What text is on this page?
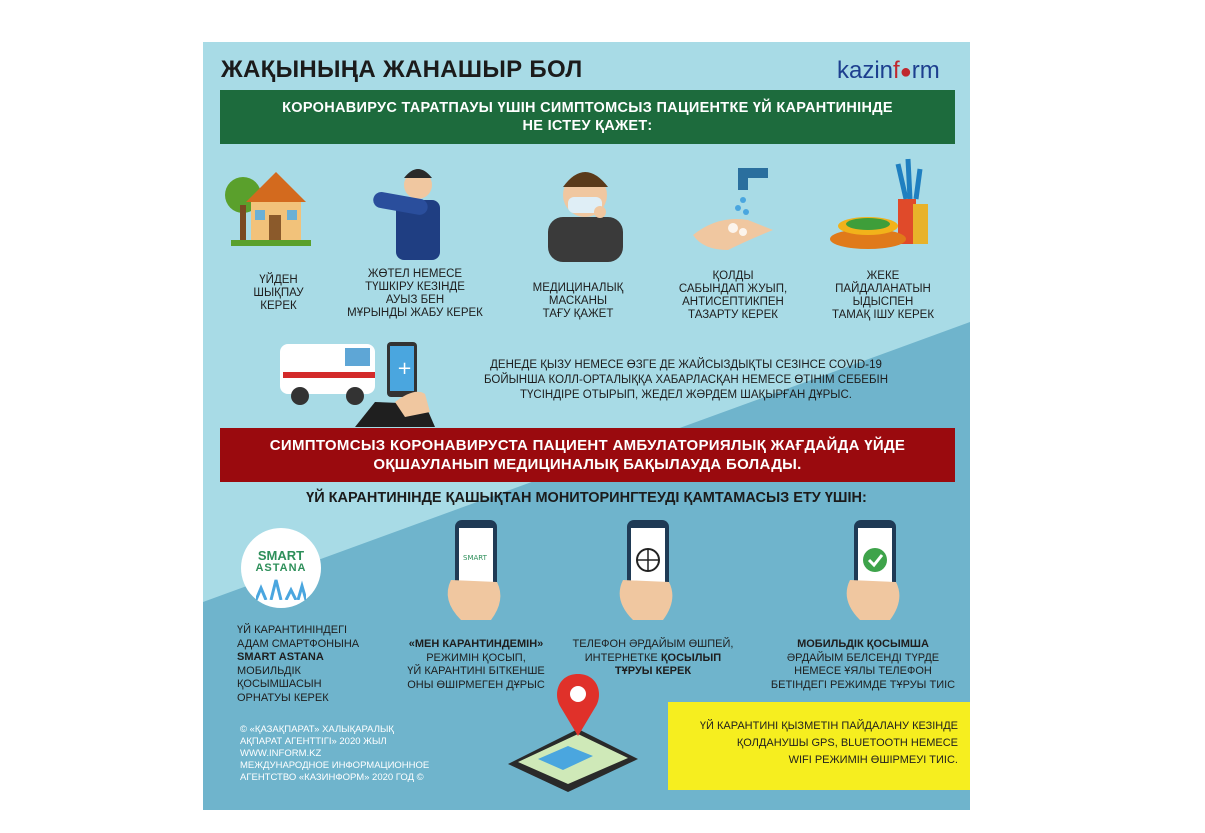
ЖАҚЫНЫҢА ЖАНАШЫР БОЛ	kazinf●rm
КОРОНАВИРУС ТАРАТПАУЫ ҮШІН СИМПТОМСЫЗ ПАЦИЕНТКЕ ҮЙ КАРАНТИНІНДЕ
НЕ ІСТЕУ ҚАЖЕТ:
ҮЙДЕН
ШЫҚПАУ
КЕРЕК
ЖӨТЕЛ НЕМЕСЕ
ТҮШКІРУ КЕЗІНДЕ
АУЫЗ БЕН
МҰРЫНДЫ ЖАБУ КЕРЕК
МЕДИЦИНАЛЫҚ
МАСКАНЫ
ТАҒУ ҚАЖЕТ
ҚОЛДЫ
САБЫНДАП ЖУЫП,
АНТИСЕПТИКПЕН
ТАЗАРТУ КЕРЕК
ЖЕКЕ
ПАЙДАЛАНАТЫН
ЫДЫСПЕН
ТАМАҚ ІШУ КЕРЕК
+	ДЕНЕДЕ ҚЫЗУ НЕМЕСЕ ӨЗГЕ ДЕ ЖАЙСЫЗДЫҚТЫ СЕЗІНСЕ COVID-19
БОЙЫНША КОЛЛ-ОРТАЛЫҚҚА ХАБАРЛАСҚАН НЕМЕСЕ ӨТІНІМ СЕБЕБІН
ТҮСІНДІРЕ ОТЫРЫП, ЖЕДЕЛ ЖӘРДЕМ ШАҚЫРҒАН ДҰРЫС.
СИМПТОМСЫЗ КОРОНАВИРУСТА ПАЦИЕНТ АМБУЛАТОРИЯЛЫҚ ЖАҒДАЙДА ҮЙДЕ
ОҚШАУЛАНЫП МЕДИЦИНАЛЫҚ БАҚЫЛАУДА БОЛАДЫ.
ҮЙ КАРАНТИНІНДЕ ҚАШЫҚТАН МОНИТОРИНГТЕУДІ ҚАМТАМАСЫЗ ЕТУ ҮШІН:
SMART
ASTANA
SMART
ҮЙ КАРАНТИНІНДЕГІ
АДАМ СМАРТФОНЫНА
SMART ASTANA
МОБИЛЬДІК
ҚОСЫМШАСЫН
ОРНАТУЫ КЕРЕК
«МЕН КАРАНТИНДЕМІН»
РЕЖИМІН ҚОСЫП,
ҮЙ КАРАНТИНІ БІТКЕНШЕ
ОНЫ ӨШІРМЕГЕН ДҰРЫС
ТЕЛЕФОН ӘРДАЙЫМ ӨШПЕЙ,
ИНТЕРНЕТКЕ ҚОСЫЛЫП
ТҰРУЫ КЕРЕК
МОБИЛЬДІК ҚОСЫМША
ӘРДАЙЫМ БЕЛСЕНДІ ТҮРДЕ
НЕМЕСЕ ҰЯЛЫ ТЕЛЕФОН
БЕТІНДЕГІ РЕЖИМДЕ ТҰРУЫ ТИІС
ҮЙ КАРАНТИНІ ҚЫЗМЕТІН ПАЙДАЛАНУ КЕЗІНДЕ
ҚОЛДАНУШЫ GPS, BLUETOOTH НЕМЕСЕ
WIFI РЕЖИМІН ӨШІРМЕУІ ТИІС.
© «ҚАЗАҚПАРАТ» ХАЛЫҚАРАЛЫҚ
АҚПАРАТ АГЕНТТІГІ» 2020 ЖЫЛ
WWW.INFORM.KZ
МЕЖДУНАРОДНОЕ ИНФОРМАЦИОННОЕ
АГЕНТСТВО «КАЗИНФОРМ» 2020 ГОД ©
